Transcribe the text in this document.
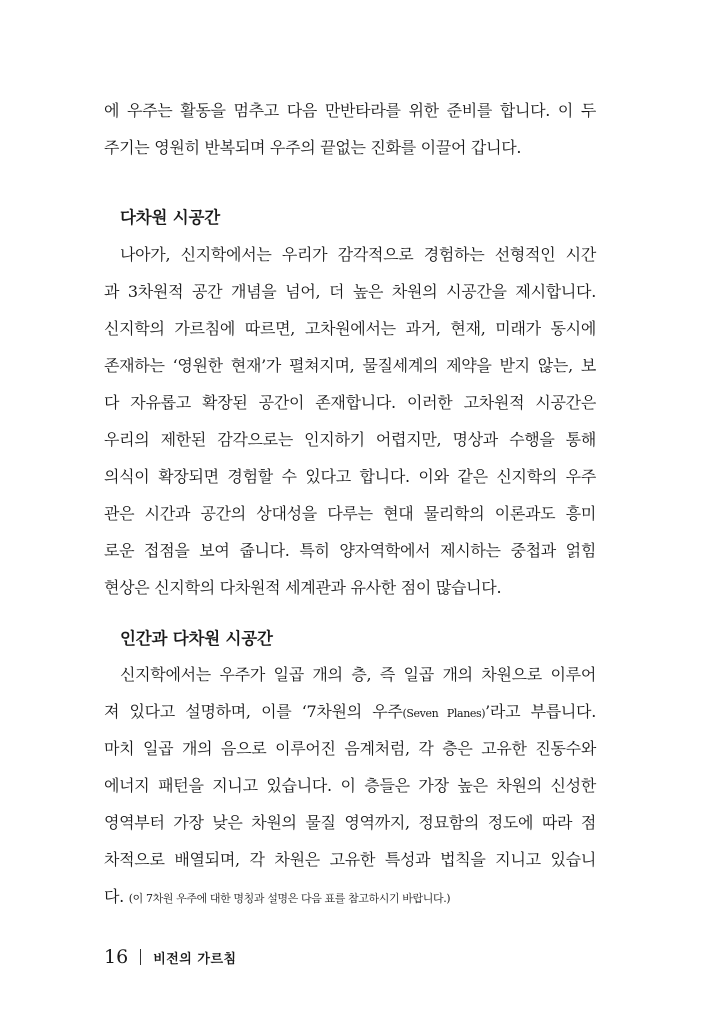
에 우주는 활동을 멈추고 다음 만반타라를 위한 준비를 합니다. 이 두
주기는 영원히 반복되며 우주의 끝없는 진화를 이끌어 갑니다.
다차원 시공간
나아가, 신지학에서는 우리가 감각적으로 경험하는 선형적인 시간
과 3차원적 공간 개념을 넘어, 더 높은 차원의 시공간을 제시합니다.
신지학의 가르침에 따르면, 고차원에서는 과거, 현재, 미래가 동시에
존재하는 ‘영원한 현재’가 펼쳐지며, 물질세계의 제약을 받지 않는, 보
다 자유롭고 확장된 공간이 존재합니다. 이러한 고차원적 시공간은
우리의 제한된 감각으로는 인지하기 어렵지만, 명상과 수행을 통해
의식이 확장되면 경험할 수 있다고 합니다. 이와 같은 신지학의 우주
관은 시간과 공간의 상대성을 다루는 현대 물리학의 이론과도 흥미
로운 접점을 보여 줍니다. 특히 양자역학에서 제시하는 중첩과 얽힘
현상은 신지학의 다차원적 세계관과 유사한 점이 많습니다.
인간과 다차원 시공간
신지학에서는 우주가 일곱 개의 층, 즉 일곱 개의 차원으로 이루어
져 있다고 설명하며, 이를 ‘7차원의 우주(Seven Planes)’라고 부릅니다.
마치 일곱 개의 음으로 이루어진 음계처럼, 각 층은 고유한 진동수와
에너지 패턴을 지니고 있습니다. 이 층들은 가장 높은 차원의 신성한
영역부터 가장 낮은 차원의 물질 영역까지, 정묘함의 정도에 따라 점
차적으로 배열되며, 각 차원은 고유한 특성과 법칙을 지니고 있습니
다. (이 7차원 우주에 대한 명칭과 설명은 다음 표를 참고하시기 바랍니다.)
16 비전의 가르침
